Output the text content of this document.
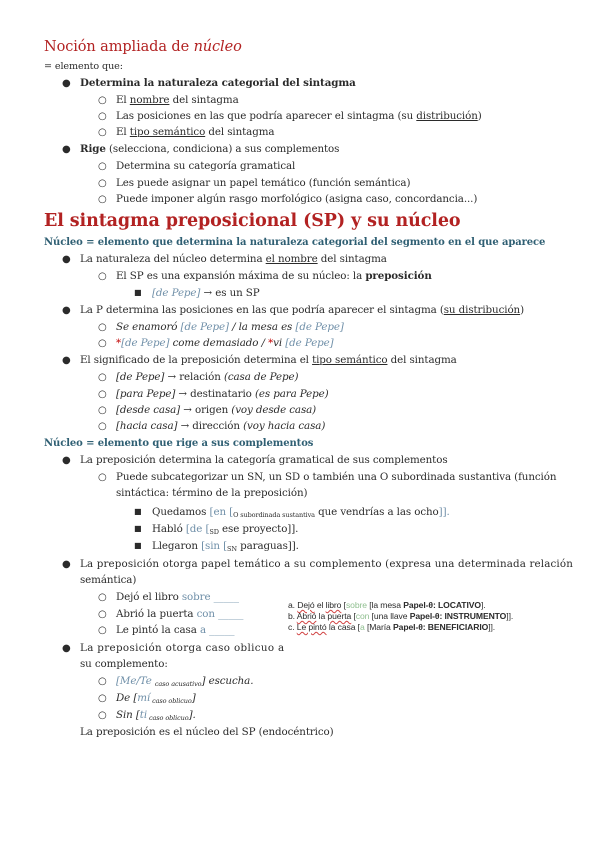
Noción ampliada de núcleo
= elemento que:
● Determina la naturaleza categorial del sintagma
○ El nombre del sintagma
○ Las posiciones en las que podría aparecer el sintagma (su distribución)
○ El tipo semántico del sintagma
● Rige (selecciona, condiciona) a sus complementos
○ Determina su categoría gramatical
○ Les puede asignar un papel temático (función semántica)
○ Puede imponer algún rasgo morfológico (asigna caso, concordancia...)
El sintagma preposicional (SP) y su núcleo
Núcleo = elemento que determina la naturaleza categorial del segmento en el que aparece
● La naturaleza del núcleo determina el nombre del sintagma
○ El SP es una expansión máxima de su núcleo: la preposición
■ [de Pepe] → es un SP
● La P determina las posiciones en las que podría aparecer el sintagma (su distribución)
○ Se enamoró [de Pepe] / la mesa es [de Pepe]
○ *[de Pepe] come demasiado / *vi [de Pepe]
● El significado de la preposición determina el tipo semántico del sintagma
○ [de Pepe] → relación (casa de Pepe)
○ [para Pepe] → destinatario (es para Pepe)
○ [desde casa] → origen (voy desde casa)
○ [hacia casa] → dirección (voy hacia casa)
Núcleo = elemento que rige a sus complementos
● La preposición determina la categoría gramatical de sus complementos
○ Puede subcategorizar un SN, un SD o también una O subordinada sustantiva (función
sintáctica: término de la preposición)
■ Quedamos [en [$_{O subordinada sustantiva}$ que vendrías a las ocho]].
■ Habló [de [$_{SD}$ ese proyecto]].
■ Llegaron [sin [$_{SN}$ paraguas]].
● La preposición otorga papel temático a su complemento (expresa una determinada relación
semántica)
○ Dejó el libro sobre _____
○ Abrió la puerta con _____
○ Le pintó la casa a _____
a. Dejó el libro [sobre [la mesa Papel-θ: LOCATIVO].
b. Abrió la puerta [con [una llave Papel-θ: INSTRUMENTO]].
c. Le pintó la casa [a [María Papel-θ: BENEFICIARIO]].
● La preposición otorga caso oblicuo a
su complemento:
○ [Me/Te $_{caso acusativo}$] escucha.
○ De [mí $_{caso oblicuo}$]
○ Sin [ti $_{caso oblicuo}$].
La preposición es el núcleo del SP (endocéntrico)
